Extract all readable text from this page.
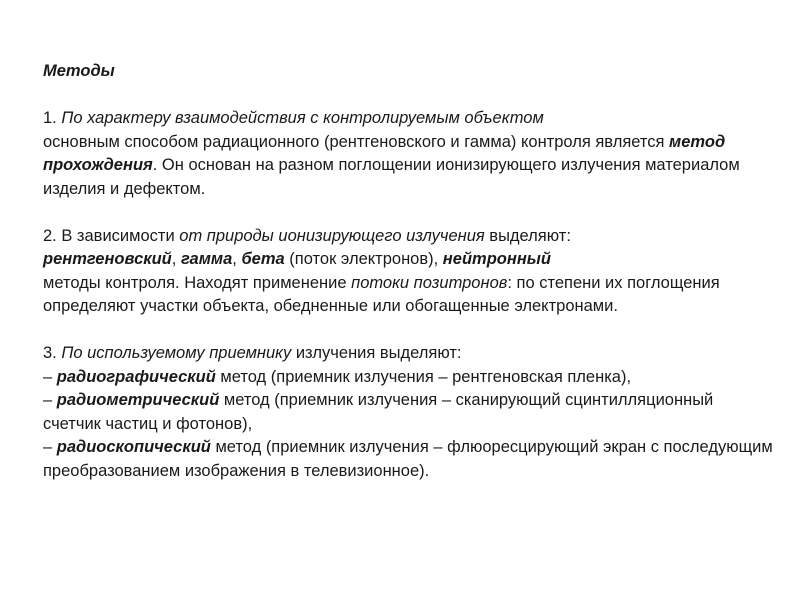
Методы

1. По характеру взаимодействия с контролируемым объектом
основным способом радиационного (рентгеновского и гамма) контроля является метод прохождения. Он основан на разном поглощении ионизирующего излучения материалом изделия и дефектом.

2. В зависимости от природы ионизирующего излучения выделяют:
рентгеновский, гамма, бета (поток электронов), нейтронный
методы контроля. Находят применение потоки позитронов: по степени их поглощения определяют участки объекта, обедненные или обогащенные электронами.

3. По используемому приемнику излучения выделяют:

– радиографический метод (приемник излучения – рентгеновская пленка),

– радиометрический метод (приемник излучения – сканирующий сцинтилляционный счетчик частиц и фотонов),

– радиоскопический метод (приемник излучения – флюоресцирующий экран с последующим преобразованием изображения в телевизионное).
